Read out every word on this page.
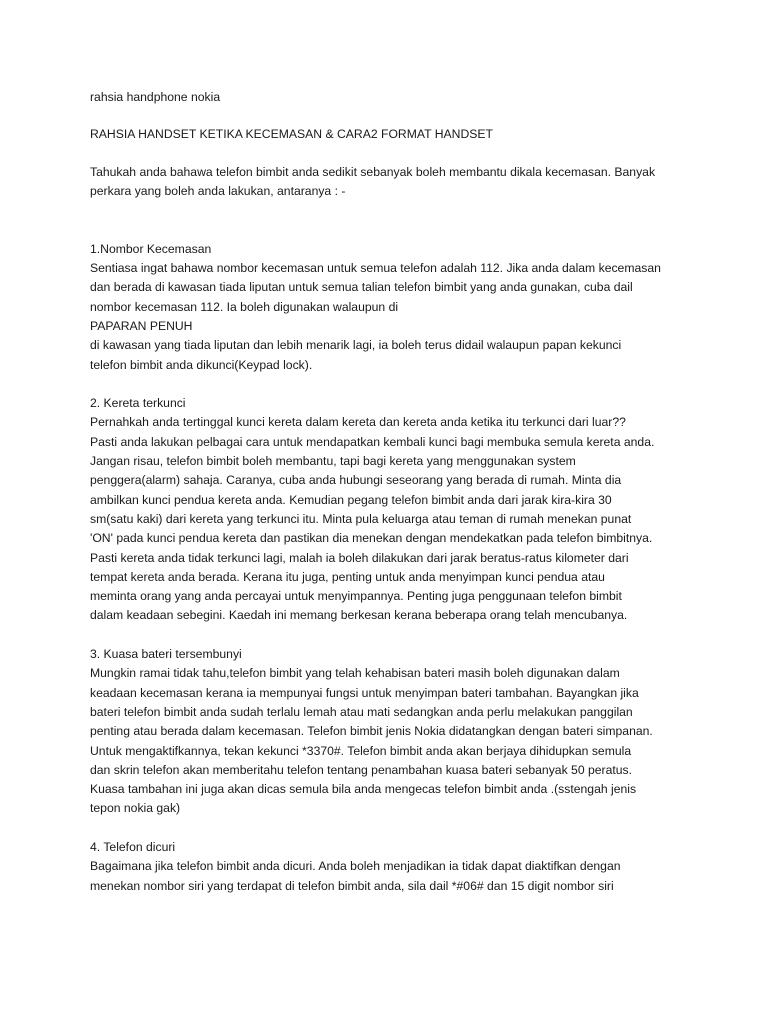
rahsia handphone nokia
RAHSIA HANDSET KETIKA KECEMASAN & CARA2 FORMAT HANDSET
Tahukah anda bahawa telefon bimbit anda sedikit sebanyak boleh membantu dikala kecemasan. Banyak
perkara yang boleh anda lakukan, antaranya : -
1.Nombor Kecemasan
Sentiasa ingat bahawa nombor kecemasan untuk semua telefon adalah 112. Jika anda dalam kecemasan
dan berada di kawasan tiada liputan untuk semua talian telefon bimbit yang anda gunakan, cuba dail
nombor kecemasan 112. Ia boleh digunakan walaupun di
PAPARAN PENUH
di kawasan yang tiada liputan dan lebih menarik lagi, ia boleh terus didail walaupun papan kekunci
telefon bimbit anda dikunci(Keypad lock).
2. Kereta terkunci
Pernahkah anda tertinggal kunci kereta dalam kereta dan kereta anda ketika itu terkunci dari luar??
Pasti anda lakukan pelbagai cara untuk mendapatkan kembali kunci bagi membuka semula kereta anda.
Jangan risau, telefon bimbit boleh membantu, tapi bagi kereta yang menggunakan system
penggera(alarm) sahaja. Caranya, cuba anda hubungi seseorang yang berada di rumah. Minta dia
ambilkan kunci pendua kereta anda. Kemudian pegang telefon bimbit anda dari jarak kira-kira 30
sm(satu kaki) dari kereta yang terkunci itu. Minta pula keluarga atau teman di rumah menekan punat
'ON' pada kunci pendua kereta dan pastikan dia menekan dengan mendekatkan pada telefon bimbitnya.
Pasti kereta anda tidak terkunci lagi, malah ia boleh dilakukan dari jarak beratus-ratus kilometer dari
tempat kereta anda berada. Kerana itu juga, penting untuk anda menyimpan kunci pendua atau
meminta orang yang anda percayai untuk menyimpannya. Penting juga penggunaan telefon bimbit
dalam keadaan sebegini. Kaedah ini memang berkesan kerana beberapa orang telah mencubanya.
3. Kuasa bateri tersembunyi
Mungkin ramai tidak tahu,telefon bimbit yang telah kehabisan bateri masih boleh digunakan dalam
keadaan kecemasan kerana ia mempunyai fungsi untuk menyimpan bateri tambahan. Bayangkan jika
bateri telefon bimbit anda sudah terlalu lemah atau mati sedangkan anda perlu melakukan panggilan
penting atau berada dalam kecemasan. Telefon bimbit jenis Nokia didatangkan dengan bateri simpanan.
Untuk mengaktifkannya, tekan kekunci *3370#. Telefon bimbit anda akan berjaya dihidupkan semula
dan skrin telefon akan memberitahu telefon tentang penambahan kuasa bateri sebanyak 50 peratus.
Kuasa tambahan ini juga akan dicas semula bila anda mengecas telefon bimbit anda .(sstengah jenis
tepon nokia gak)
4. Telefon dicuri
Bagaimana jika telefon bimbit anda dicuri. Anda boleh menjadikan ia tidak dapat diaktifkan dengan
menekan nombor siri yang terdapat di telefon bimbit anda, sila dail *#06# dan 15 digit nombor siri
